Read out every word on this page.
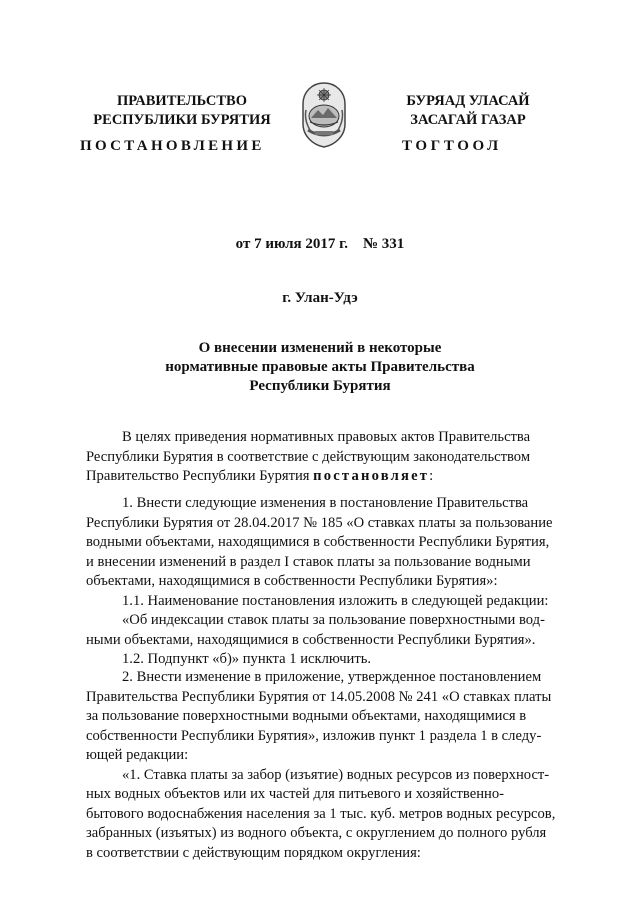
ПРАВИТЕЛЬСТВО
РЕСПУБЛИКИ БУРЯТИЯ
БУРЯАД УЛАСАЙ
ЗАСАГАЙ ГАЗАР
ПОСТАНОВЛЕНИЕ	ТОГТООЛ
от 7 июля 2017 г.    № 331
г. Улан-Удэ
О внесении изменений в некоторые
нормативные правовые акты Правительства
Республики Бурятия

В целях приведения нормативных правовых актов Правительства

Республики Бурятия в соответствие с действующим законодательством

Правительство Республики Бурятия постановляет:

1. Внести следующие изменения в постановление Правительства

Республики Бурятия от 28.04.2017 № 185 «О ставках платы за пользование

водными объектами, находящимися в собственности Республики Бурятия,

и внесении изменений в раздел I ставок платы за пользование водными

объектами, находящимися в собственности Республики Бурятия»:

1.1. Наименование постановления изложить в следующей редакции:

«Об индексации ставок платы за пользование поверхностными вод-

ными объектами, находящимися в собственности Республики Бурятия».

1.2. Подпункт «б)» пункта 1 исключить.

2. Внести изменение в приложение, утвержденное постановлением

Правительства Республики Бурятия от 14.05.2008 № 241 «О ставках платы

за пользование поверхностными водными объектами, находящимися в

собственности Республики Бурятия», изложив пункт 1 раздела 1 в следу-

ющей редакции:

«1. Ставка платы за забор (изъятие) водных ресурсов из поверхност-

ных водных объектов или их частей для питьевого и хозяйственно-

бытового водоснабжения населения за 1 тыс. куб. метров водных ресурсов,

забранных (изъятых) из водного объекта, с округлением до полного рубля

в соответствии с действующим порядком округления:
